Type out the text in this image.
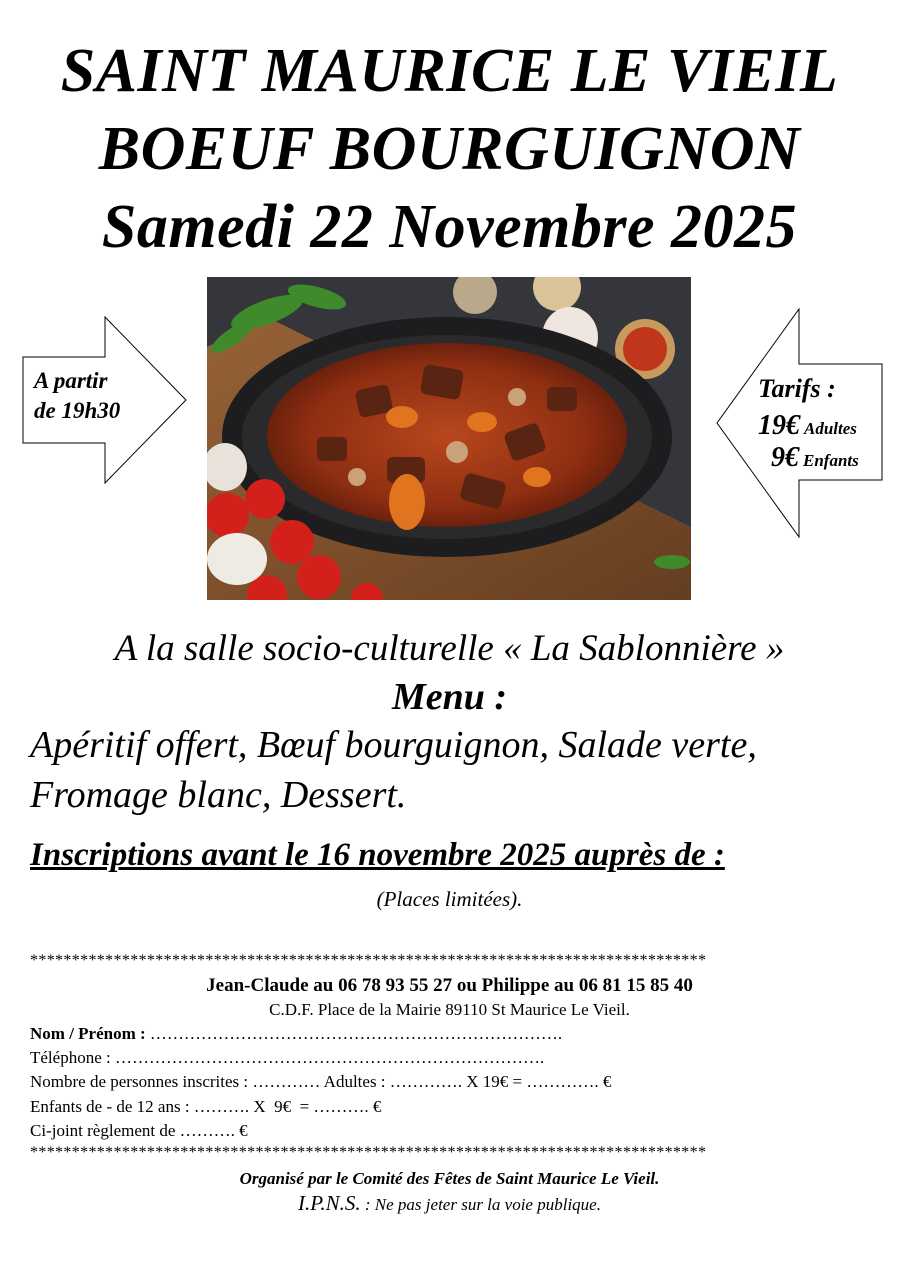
SAINT MAURICE LE VIEIL
BOEUF BOURGUIGNON
Samedi 22 Novembre 2025
A partir
de 19h30
Tarifs :
19€ Adultes
9€ Enfants
A la salle socio-culturelle « La Sablonnière »
Menu :
Apéritif offert, Bœuf bourguignon, Salade verte,
Fromage blanc, Dessert.
Inscriptions avant le 16 novembre 2025 auprès de :
(Places limitées).
*********************************************************************************
Jean-Claude au 06 78 93 55 27 ou Philippe au 06 81 15 85 40
C.D.F. Place de la Mairie 89110 St Maurice Le Vieil.
Nom / Prénom : ……………………………………………………………….
Téléphone : ………………………………………………………………….
Nombre de personnes inscrites : ………… Adultes : …………. X 19€ = …………. €
Enfants de - de 12 ans : ………. X  9€  = ………. €
Ci-joint règlement de ………. €
*********************************************************************************
Organisé par le Comité des Fêtes de Saint Maurice Le Vieil.
I.P.N.S. : Ne pas jeter sur la voie publique.
